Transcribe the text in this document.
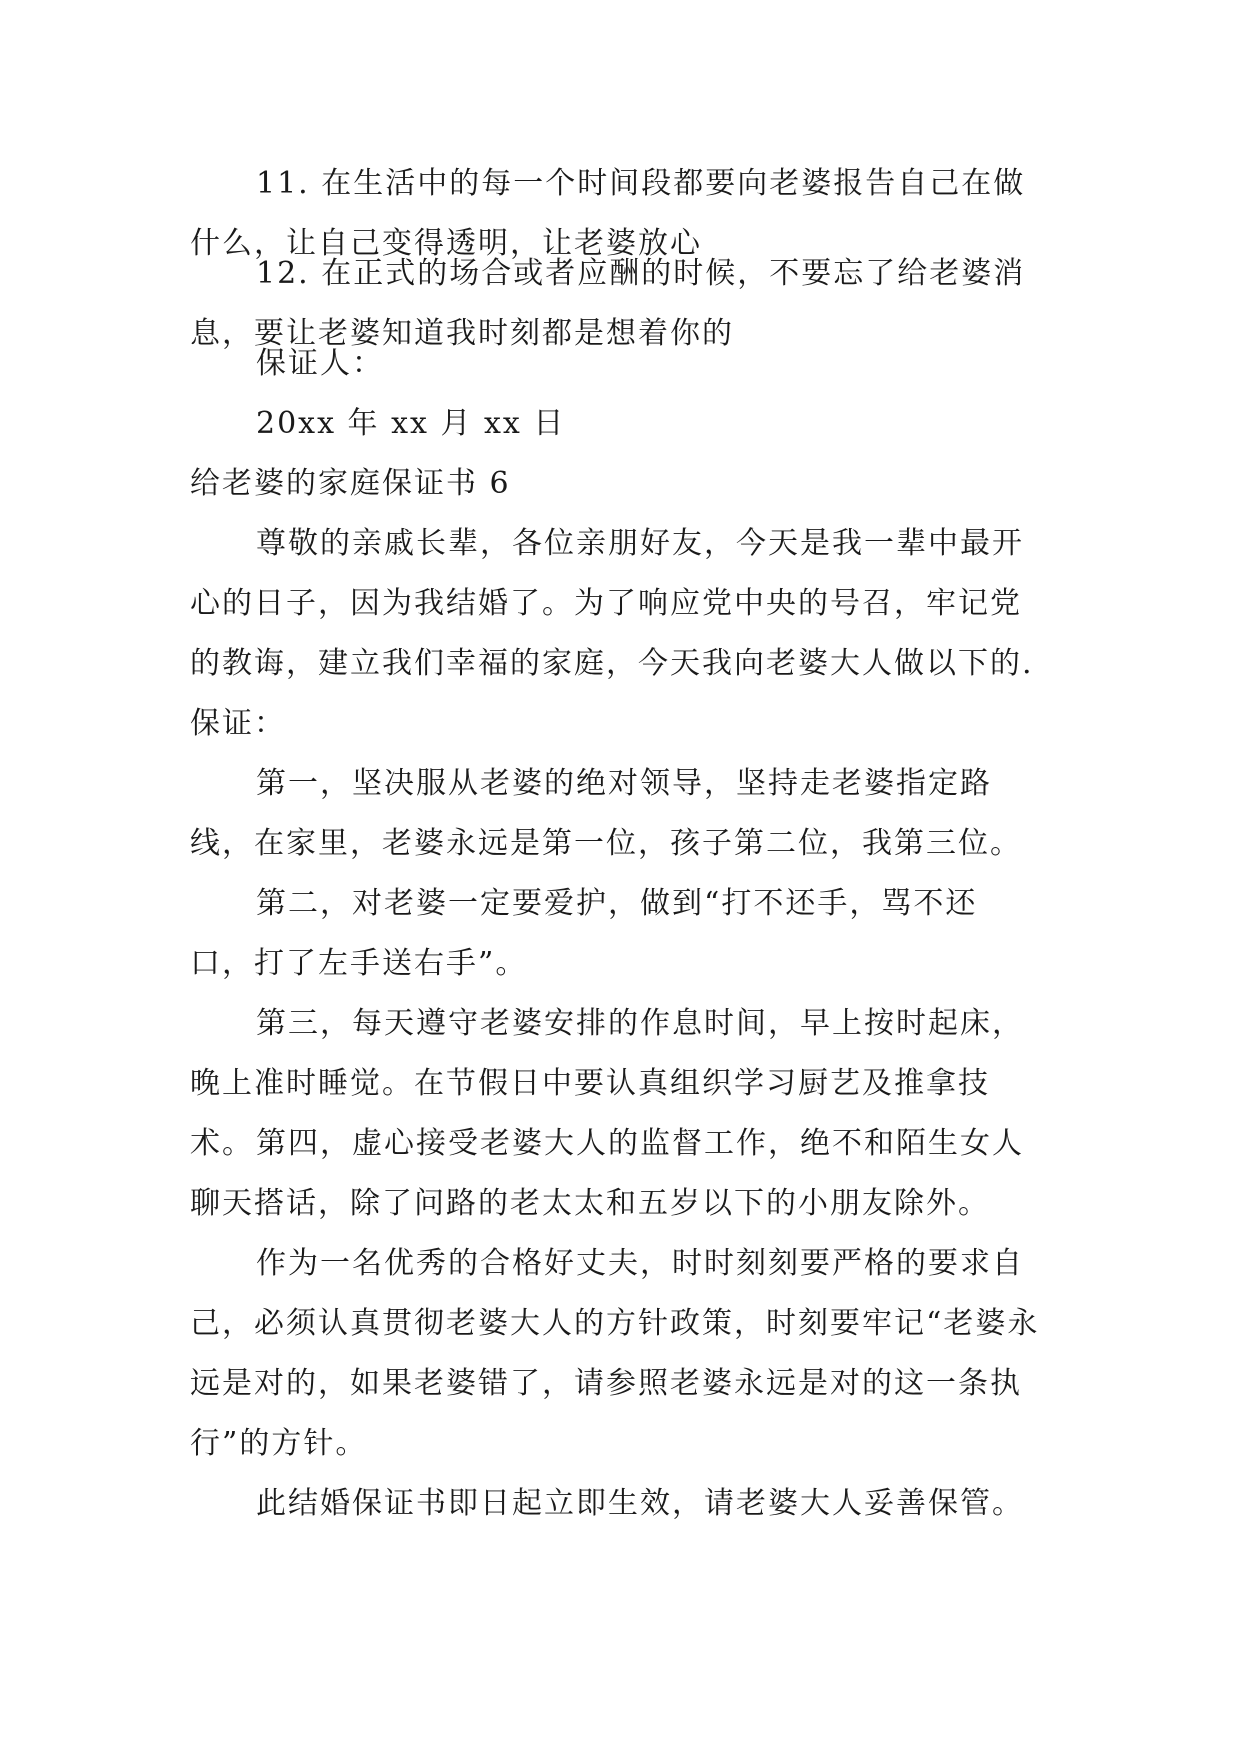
11. 在生活中的每一个时间段都要向老婆报告自己在做什么，让自己变得透明，让老婆放心

12. 在正式的场合或者应酬的时候，不要忘了给老婆消息，要让老婆知道我时刻都是想着你的

保证人：

20xx 年 xx 月 xx 日

给老婆的家庭保证书 6

尊敬的亲戚长辈，各位亲朋好友，今天是我一辈中最开心的日子，因为我结婚了。为了响应党中央的号召，牢记党的教诲，建立我们幸福的家庭，今天我向老婆大人做以下的.保证：

第一，坚决服从老婆的绝对领导，坚持走老婆指定路线，在家里，老婆永远是第一位，孩子第二位，我第三位。

第二，对老婆一定要爱护，做到“打不还手，骂不还口，打了左手送右手”。

第三，每天遵守老婆安排的作息时间，早上按时起床，晚上准时睡觉。在节假日中要认真组织学习厨艺及推拿技术。 第四，虚心接受老婆大人的监督工作，绝不和陌生女人聊天搭话，除了问路的老太太和五岁以下的小朋友除外。

作为一名优秀的合格好丈夫，时时刻刻要严格的要求自己，必须认真贯彻老婆大人的方针政策，时刻要牢记“老婆永远是对的，如果老婆错了，请参照老婆永远是对的这一条执行”的方针。

此结婚保证书即日起立即生效，请老婆大人妥善保管。
